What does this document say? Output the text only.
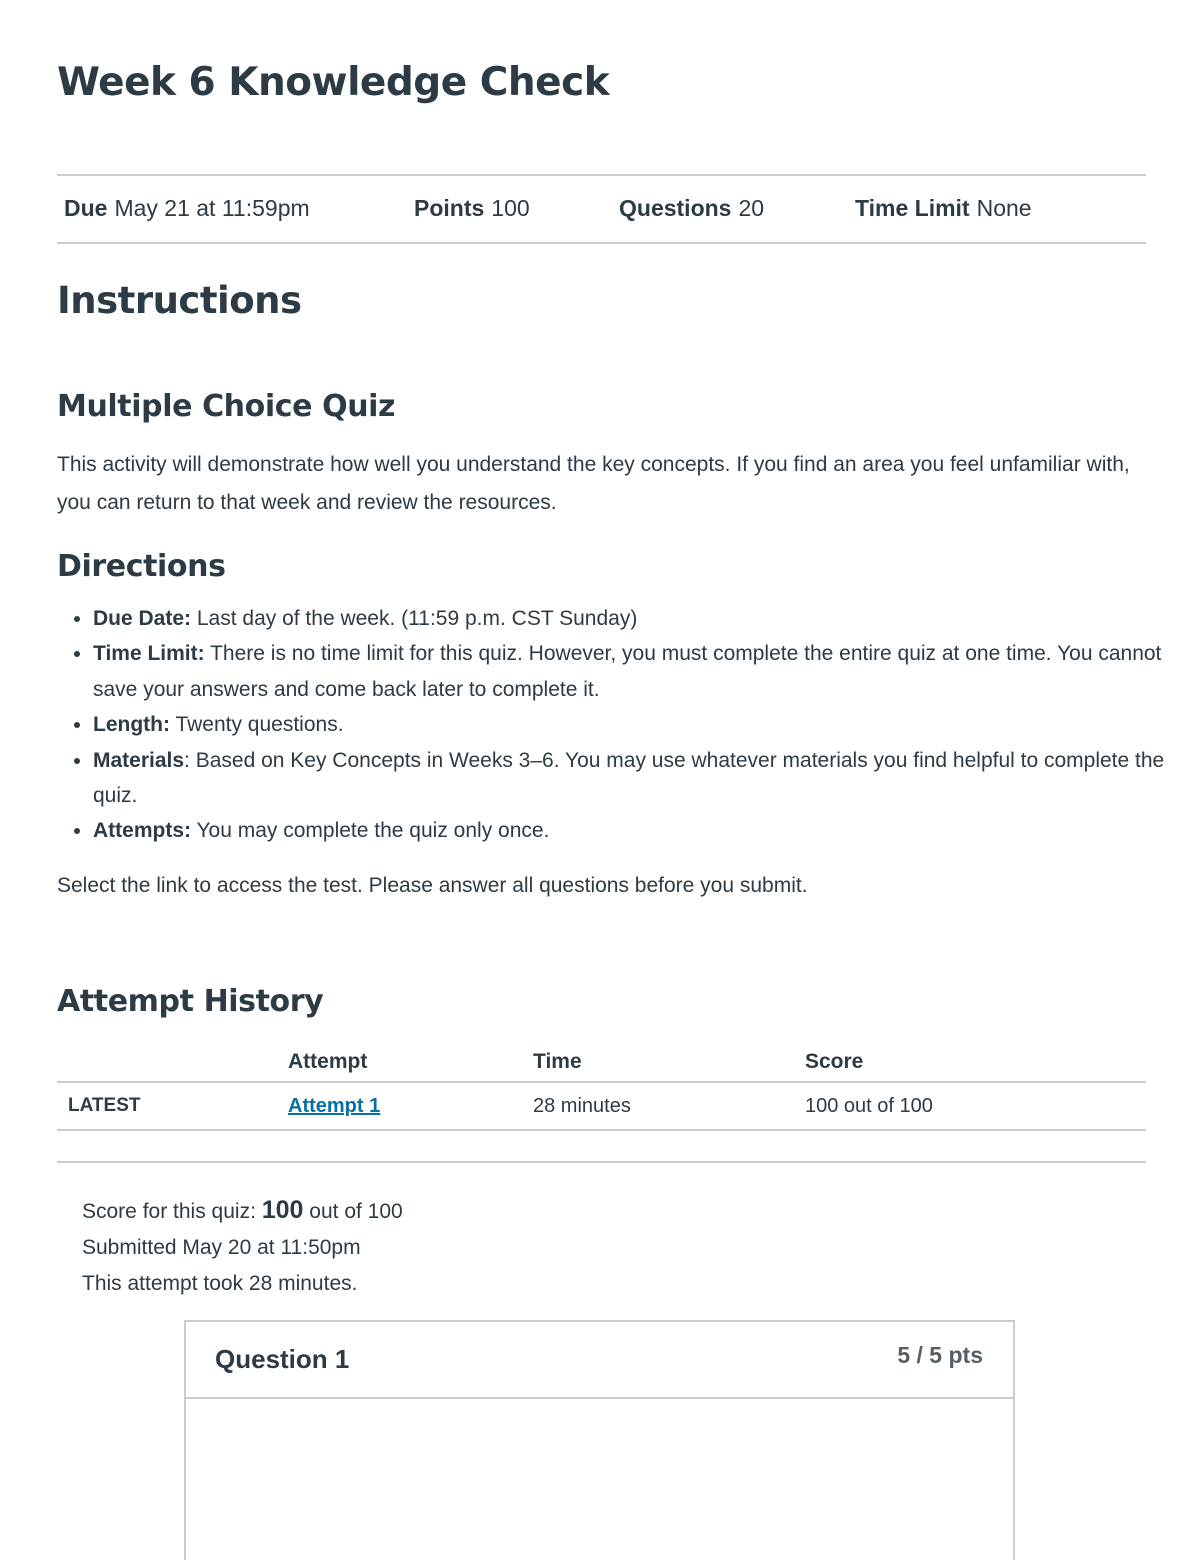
Week 6 Knowledge Check
Due May 21 at 11:59pm	Points 100	Questions 20	Time Limit None
Instructions
Multiple Choice Quiz

This activity will demonstrate how well you understand the key concepts. If you find an area you feel unfamiliar with, you can return to that week and review the resources.

Directions
• Due Date: Last day of the week. (11:59 p.m. CST Sunday)
• Time Limit: There is no time limit for this quiz. However, you must complete the entire quiz at one time. You cannot save your answers and come back later to complete it.
• Length: Twenty questions.
• Materials: Based on Key Concepts in Weeks 3–6. You may use whatever materials you find helpful to complete the quiz.
• Attempts: You may complete the quiz only once.

Select the link to access the test. Please answer all questions before you submit.

Attempt History
	Attempt	Time	Score
LATEST	Attempt 1	28 minutes	100 out of 100
Score for this quiz: 100 out of 100
Submitted May 20 at 11:50pm
This attempt took 28 minutes.
Question 1	5 / 5 pts
